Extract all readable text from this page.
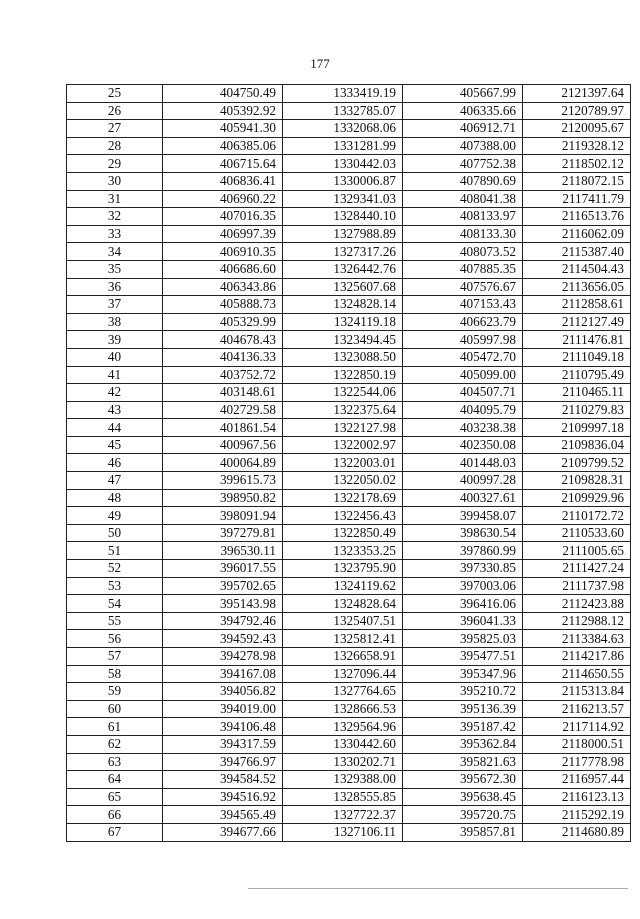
177
25	404750.49	1333419.19	405667.99	2121397.64
26	405392.92	1332785.07	406335.66	2120789.97
27	405941.30	1332068.06	406912.71	2120095.67
28	406385.06	1331281.99	407388.00	2119328.12
29	406715.64	1330442.03	407752.38	2118502.12
30	406836.41	1330006.87	407890.69	2118072.15
31	406960.22	1329341.03	408041.38	2117411.79
32	407016.35	1328440.10	408133.97	2116513.76
33	406997.39	1327988.89	408133.30	2116062.09
34	406910.35	1327317.26	408073.52	2115387.40
35	406686.60	1326442.76	407885.35	2114504.43
36	406343.86	1325607.68	407576.67	2113656.05
37	405888.73	1324828.14	407153.43	2112858.61
38	405329.99	1324119.18	406623.79	2112127.49
39	404678.43	1323494.45	405997.98	2111476.81
40	404136.33	1323088.50	405472.70	2111049.18
41	403752.72	1322850.19	405099.00	2110795.49
42	403148.61	1322544.06	404507.71	2110465.11
43	402729.58	1322375.64	404095.79	2110279.83
44	401861.54	1322127.98	403238.38	2109997.18
45	400967.56	1322002.97	402350.08	2109836.04
46	400064.89	1322003.01	401448.03	2109799.52
47	399615.73	1322050.02	400997.28	2109828.31
48	398950.82	1322178.69	400327.61	2109929.96
49	398091.94	1322456.43	399458.07	2110172.72
50	397279.81	1322850.49	398630.54	2110533.60
51	396530.11	1323353.25	397860.99	2111005.65
52	396017.55	1323795.90	397330.85	2111427.24
53	395702.65	1324119.62	397003.06	2111737.98
54	395143.98	1324828.64	396416.06	2112423.88
55	394792.46	1325407.51	396041.33	2112988.12
56	394592.43	1325812.41	395825.03	2113384.63
57	394278.98	1326658.91	395477.51	2114217.86
58	394167.08	1327096.44	395347.96	2114650.55
59	394056.82	1327764.65	395210.72	2115313.84
60	394019.00	1328666.53	395136.39	2116213.57
61	394106.48	1329564.96	395187.42	2117114.92
62	394317.59	1330442.60	395362.84	2118000.51
63	394766.97	1330202.71	395821.63	2117778.98
64	394584.52	1329388.00	395672.30	2116957.44
65	394516.92	1328555.85	395638.45	2116123.13
66	394565.49	1327722.37	395720.75	2115292.19
67	394677.66	1327106.11	395857.81	2114680.89
